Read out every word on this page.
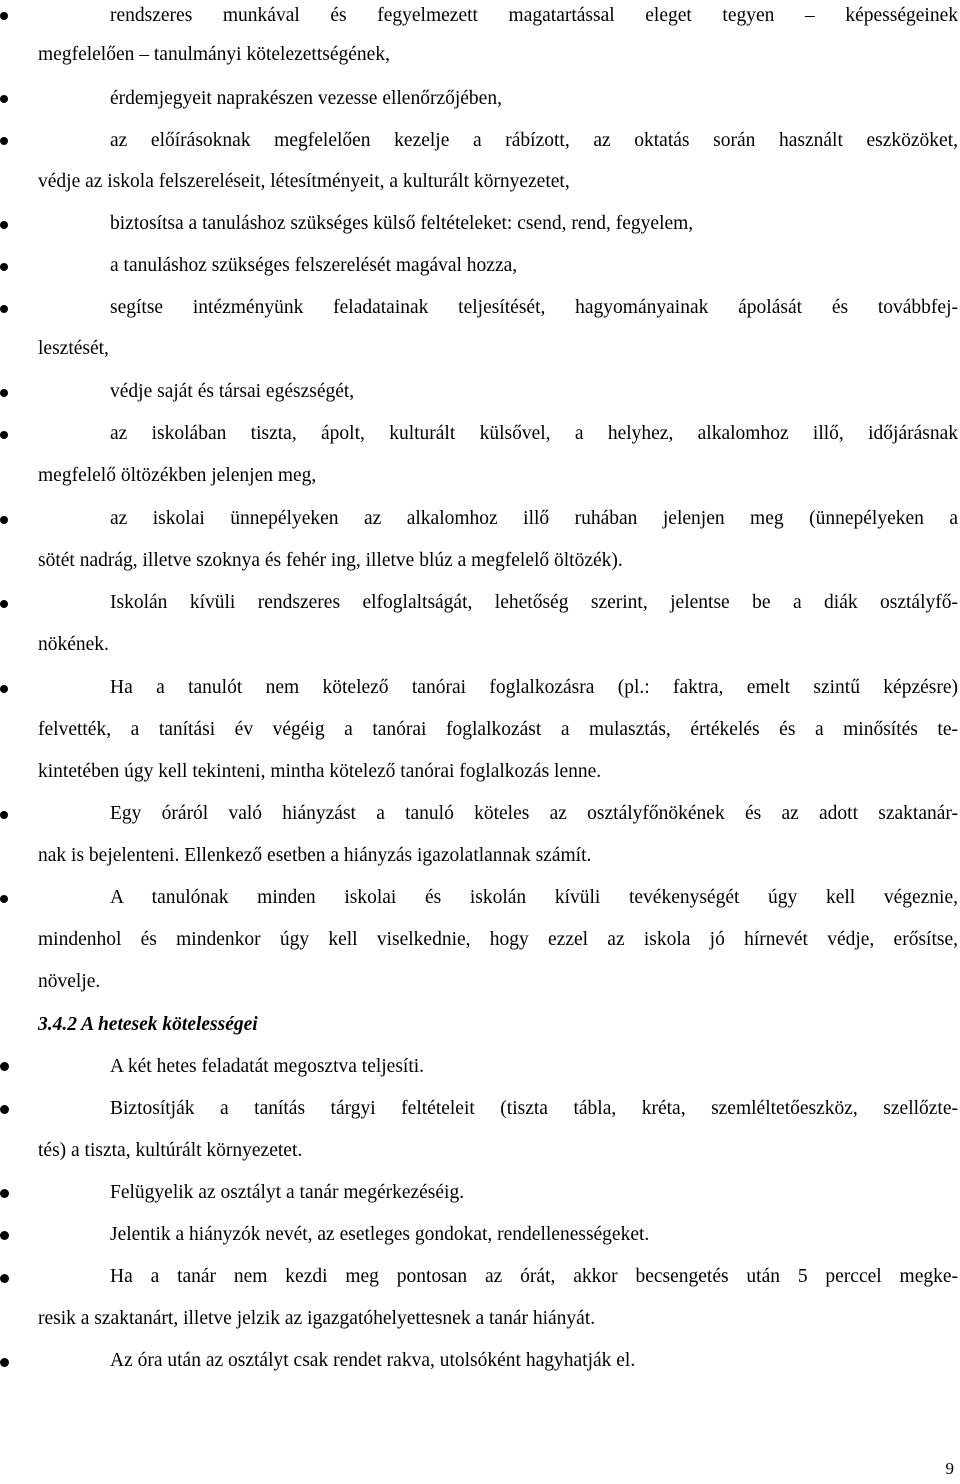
rendszeres munkával és fegyelmezett magatartással eleget tegyen – képességeinek
megfelelően – tanulmányi kötelezettségének,
érdemjegyeit naprakészen vezesse ellenőrzőjében,
az előírásoknak megfelelően kezelje a rábízott, az oktatás során használt eszközöket,
védje az iskola felszereléseit, létesítményeit, a kulturált környezetet,
biztosítsa a tanuláshoz szükséges külső feltételeket: csend, rend, fegyelem,
a tanuláshoz szükséges felszerelését magával hozza,
segítse intézményünk feladatainak teljesítését, hagyományainak ápolását és továbbfej-
lesztését,
védje saját és társai egészségét,
az iskolában tiszta, ápolt, kulturált külsővel, a helyhez, alkalomhoz illő, időjárásnak
megfelelő öltözékben jelenjen meg,
az iskolai ünnepélyeken az alkalomhoz illő ruhában jelenjen meg (ünnepélyeken a
sötét nadrág, illetve szoknya és fehér ing, illetve blúz a megfelelő öltözék).
Iskolán kívüli rendszeres elfoglaltságát, lehetőség szerint, jelentse be a diák osztályfő-
nökének.
Ha a tanulót nem kötelező tanórai foglalkozásra (pl.: faktra, emelt szintű képzésre)
felvették, a tanítási év végéig a tanórai foglalkozást a mulasztás, értékelés és a minősítés te-
kintetében úgy kell tekinteni, mintha kötelező tanórai foglalkozás lenne.
Egy óráról való hiányzást a tanuló köteles az osztályfőnökének és az adott szaktanár-
nak is bejelenteni. Ellenkező esetben a hiányzás igazolatlannak számít.
A tanulónak minden iskolai és iskolán kívüli tevékenységét úgy kell végeznie,
mindenhol és mindenkor úgy kell viselkednie, hogy ezzel az iskola jó hírnevét védje, erősítse,
növelje.
3.4.2 A hetesek kötelességei
A két hetes feladatát megosztva teljesíti.
Biztosítják a tanítás tárgyi feltételeit (tiszta tábla, kréta, szemléltetőeszköz, szellőzte-
tés) a tiszta, kultúrált környezetet.
Felügyelik az osztályt a tanár megérkezéséig.
Jelentik a hiányzók nevét, az esetleges gondokat, rendellenességeket.
Ha a tanár nem kezdi meg pontosan az órát, akkor becsengetés után 5 perccel megke-
resik a szaktanárt, illetve jelzik az igazgatóhelyettesnek a tanár hiányát.
Az óra után az osztályt csak rendet rakva, utolsóként hagyhatják el.
9
